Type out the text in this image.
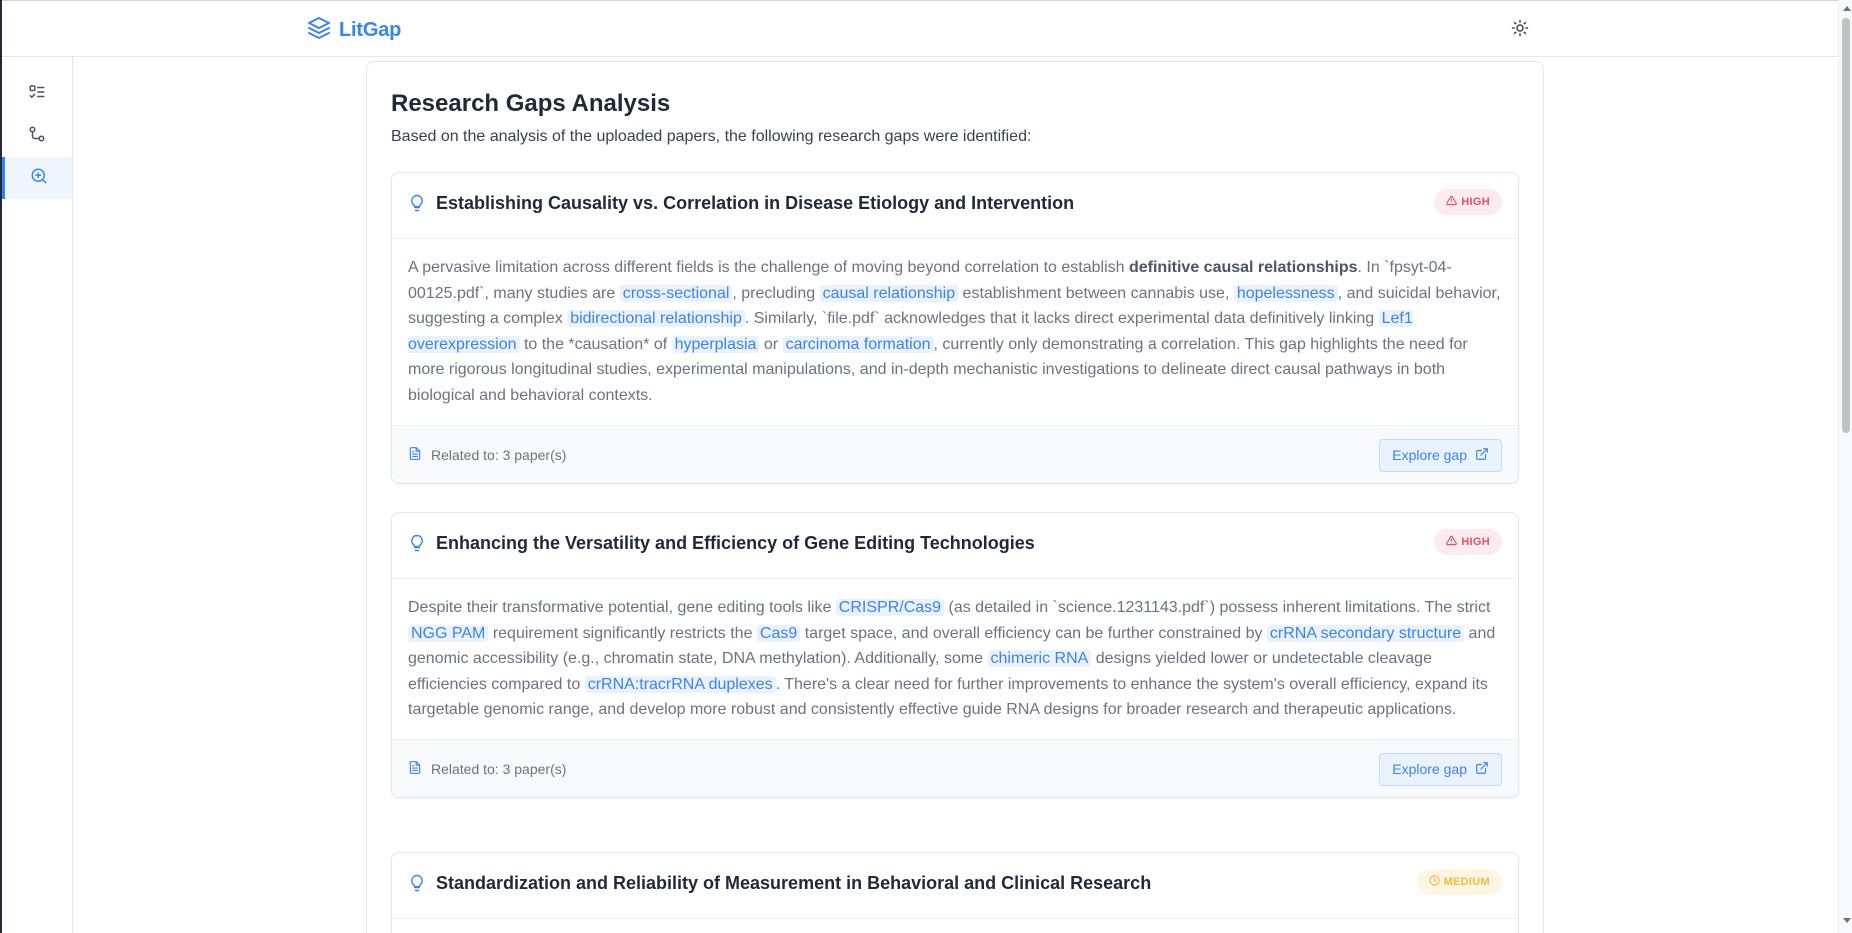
LitGap
Research Gaps Analysis

Based on the analysis of the uploaded papers, the following research gaps were identified:

Establishing Causality vs. Correlation in Disease Etiology and Intervention	HIGH
A pervasive limitation across different fields is the challenge of moving beyond correlation to establish definitive causal relationships. In `fpsyt-04-00125.pdf`, many studies are cross-sectional , precluding causal relationship establishment between cannabis use, hopelessness , and suicidal behavior, suggesting a complex bidirectional relationship . Similarly, `file.pdf` acknowledges that it lacks direct experimental data definitively linking Lef1 overexpression to the *causation* of hyperplasia or carcinoma formation , currently only demonstrating a correlation. This gap highlights the need for more rigorous longitudinal studies, experimental manipulations, and in-depth mechanistic investigations to delineate direct causal pathways in both biological and behavioral contexts.
Related to: 3 paper(s)	Explore gap
Enhancing the Versatility and Efficiency of Gene Editing Technologies	HIGH
Despite their transformative potential, gene editing tools like CRISPR/Cas9 (as detailed in `science.1231143.pdf`) possess inherent limitations. The strict NGG PAM requirement significantly restricts the Cas9 target space, and overall efficiency can be further constrained by crRNA secondary structure and genomic accessibility (e.g., chromatin state, DNA methylation). Additionally, some chimeric RNA designs yielded lower or undetectable cleavage efficiencies compared to crRNA:tracrRNA duplexes . There's a clear need for further improvements to enhance the system's overall efficiency, expand its targetable genomic range, and develop more robust and consistently effective guide RNA designs for broader research and therapeutic applications.
Related to: 3 paper(s)	Explore gap
Standardization and Reliability of Measurement in Behavioral and Clinical Research	MEDIUM
